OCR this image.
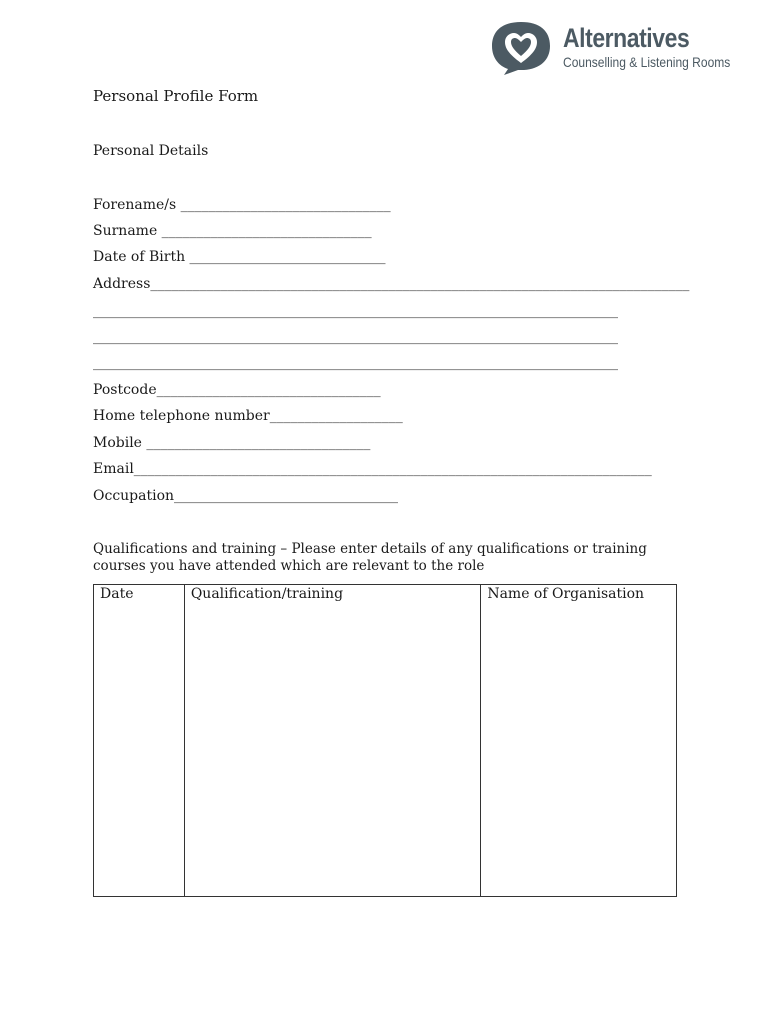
Alternatives
Counselling & Listening Rooms
Personal Profile Form
Personal Details
Forename/s ______________________________
Surname ______________________________
Date of Birth ____________________________
Address_____________________________________________________________________________
___________________________________________________________________________
___________________________________________________________________________
___________________________________________________________________________
Postcode________________________________
Home telephone number___________________
Mobile ________________________________
Email__________________________________________________________________________
Occupation________________________________
Qualifications and training – Please enter details of any qualifications or training courses you have attended which are relevant to the role
Date	Qualification/training	Name of Organisation
